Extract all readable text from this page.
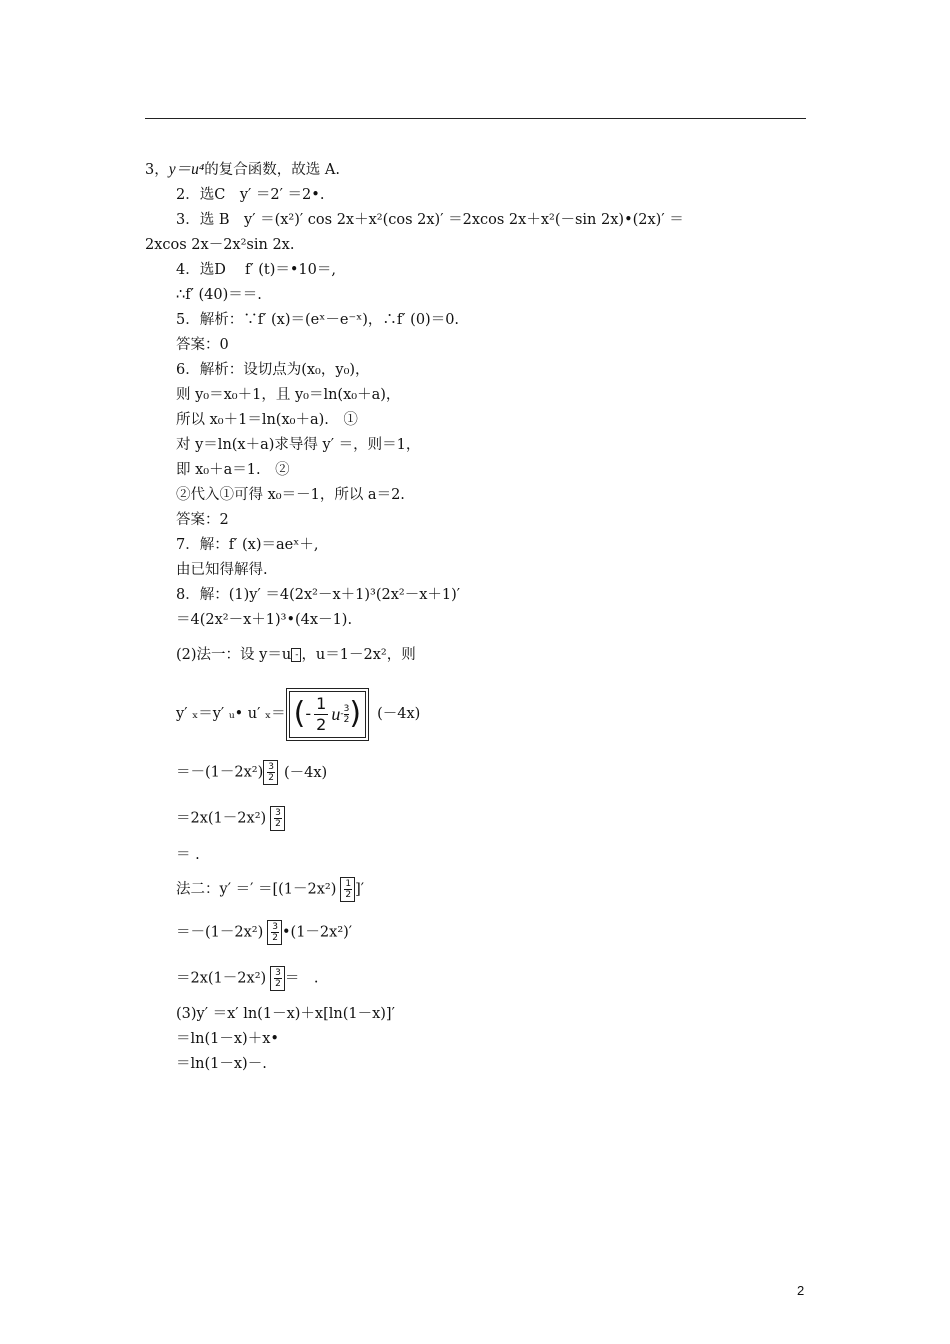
3，y＝u⁴的复合函数，故选 A.
2．选C　y′ ＝2′ ＝2•.
3．选 B　y′ ＝(x²)′ cos 2x＋x²(cos 2x)′ ＝2xcos 2x＋x²(－sin 2x)•(2x)′ ＝
2xcos 2x－2x²sin 2x.
4．选D　 f′ (t)＝•10＝,
∴f′ (40)＝＝.
5．解析：∵f′ (x)＝(eˣ－e⁻ˣ)，∴f′ (0)＝0.
答案：0
6．解析：设切点为(x₀，y₀)，
则 y₀＝x₀＋1，且 y₀＝ln(x₀＋a)，
所以 x₀＋1＝ln(x₀＋a).　①
对 y＝ln(x＋a)求导得 y′ ＝，则＝1，
即 x₀＋a＝1.　②
②代入①可得 x₀＝－1，所以 a＝2.
答案：2
7．解：f′ (x)＝aeˣ＋,
由已知得解得.
8．解：(1)y′ ＝4(2x²－x＋1)³(2x²－x＋1)′
＝4(2x²－x＋1)³•(4x－1).
(2)法一：设 y＝u - ，u＝1－2x²，则
y′ ₓ＝y′ ᵤ• u′ ₓ＝ ( -
1
2 u -
3
2 ) (－4x)
＝－(1－2x²) 3
2 (－4x)
＝2x(1－2x²) 3
2
＝ .
法二：y′ ＝′ ＝[(1－2x²) 1
2 ]′
＝－(1－2x²) 3
2 •(1－2x²)′
＝2x(1－2x²) 3
2 ＝　.
(3)y′ ＝x′ ln(1－x)＋x[ln(1－x)]′
＝ln(1－x)＋x•
＝ln(1－x)－.
2
